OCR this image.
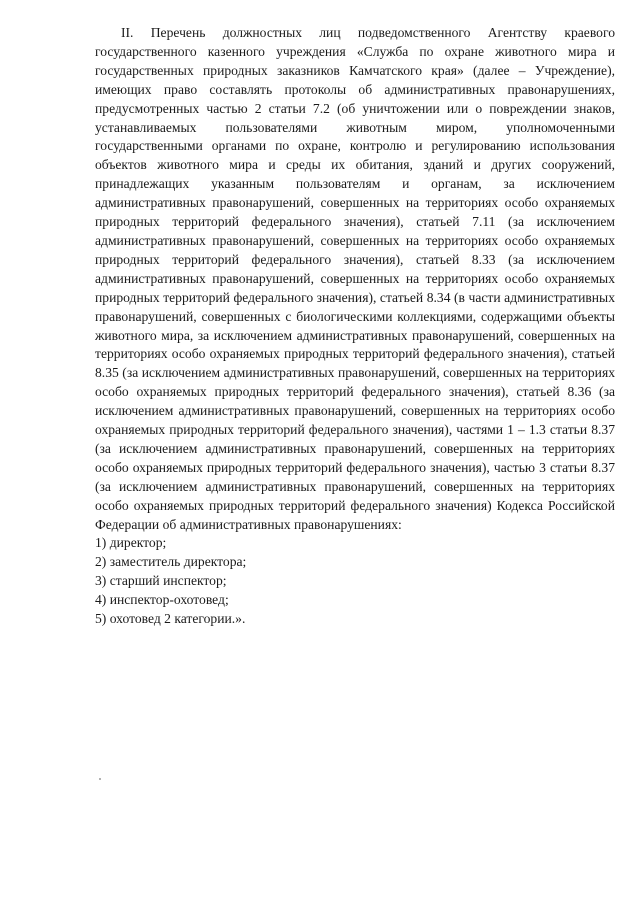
II. Перечень должностных лиц подведомственного Агентству краевого государственного казенного учреждения «Служба по охране животного мира и государственных природных заказников Камчатского края» (далее – Учреждение), имеющих право составлять протоколы об административных правонарушениях, предусмотренных частью 2 статьи 7.2 (об уничтожении или о повреждении знаков, устанавливаемых пользователями животным миром, уполномоченными государственными органами по охране, контролю и регулированию использования объектов животного мира и среды их обитания, зданий и других сооружений, принадлежащих указанным пользователям и органам, за исключением административных правонарушений, совершенных на территориях особо охраняемых природных территорий федерального значения), статьей 7.11 (за исключением административных правонарушений, совершенных на территориях особо охраняемых природных территорий федерального значения), статьей 8.33 (за исключением административных правонарушений, совершенных на территориях особо охраняемых природных территорий федерального значения), статьей 8.34 (в части административных правонарушений, совершенных с биологическими коллекциями, содержащими объекты животного мира, за исключением административных правонарушений, совершенных на территориях особо охраняемых природных территорий федерального значения), статьей 8.35 (за исключением административных правонарушений, совершенных на территориях особо охраняемых природных территорий федерального значения), статьей 8.36 (за исключением административных правонарушений, совершенных на территориях особо охраняемых природных территорий федерального значения), частями 1 – 1.3 статьи 8.37 (за исключением административных правонарушений, совершенных на территориях особо охраняемых природных территорий федерального значения), частью 3 статьи 8.37 (за исключением административных правонарушений, совершенных на территориях особо охраняемых природных территорий федерального значения) Кодекса Российской Федерации об административных правонарушениях:

1) директор;
2) заместитель директора;
3) старший инспектор;
4) инспектор-охотовед;
5) охотовед 2 категории.».
